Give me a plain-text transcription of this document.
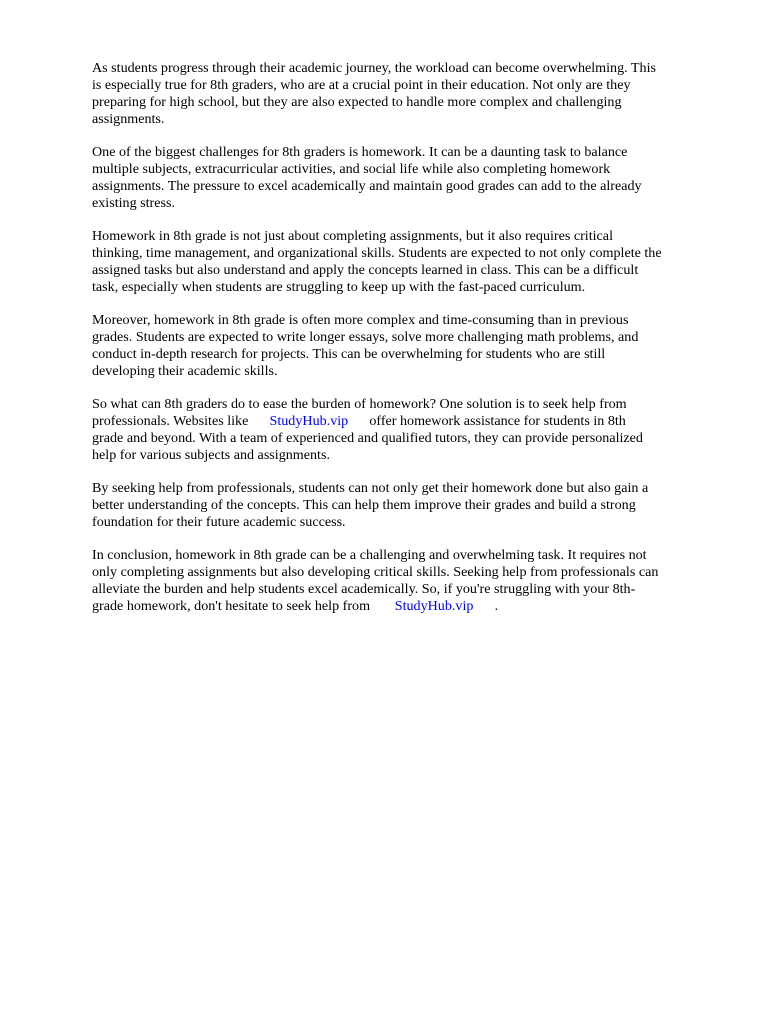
As students progress through their academic journey, the workload can become overwhelming. This
is especially true for 8th graders, who are at a crucial point in their education. Not only are they
preparing for high school, but they are also expected to handle more complex and challenging
assignments.

One of the biggest challenges for 8th graders is homework. It can be a daunting task to balance
multiple subjects, extracurricular activities, and social life while also completing homework
assignments. The pressure to excel academically and maintain good grades can add to the already
existing stress.

Homework in 8th grade is not just about completing assignments, but it also requires critical
thinking, time management, and organizational skills. Students are expected to not only complete the
assigned tasks but also understand and apply the concepts learned in class. This can be a difficult
task, especially when students are struggling to keep up with the fast-paced curriculum.

Moreover, homework in 8th grade is often more complex and time-consuming than in previous
grades. Students are expected to write longer essays, solve more challenging math problems, and
conduct in-depth research for projects. This can be overwhelming for students who are still
developing their academic skills.

So what can 8th graders do to ease the burden of homework? One solution is to seek help from
professionals. Websites like      StudyHub.vip      offer homework assistance for students in 8th
grade and beyond. With a team of experienced and qualified tutors, they can provide personalized
help for various subjects and assignments.

By seeking help from professionals, students can not only get their homework done but also gain a
better understanding of the concepts. This can help them improve their grades and build a strong
foundation for their future academic success.

In conclusion, homework in 8th grade can be a challenging and overwhelming task. It requires not
only completing assignments but also developing critical skills. Seeking help from professionals can
alleviate the burden and help students excel academically. So, if you're struggling with your 8th-
grade homework, don't hesitate to seek help from       StudyHub.vip      .
